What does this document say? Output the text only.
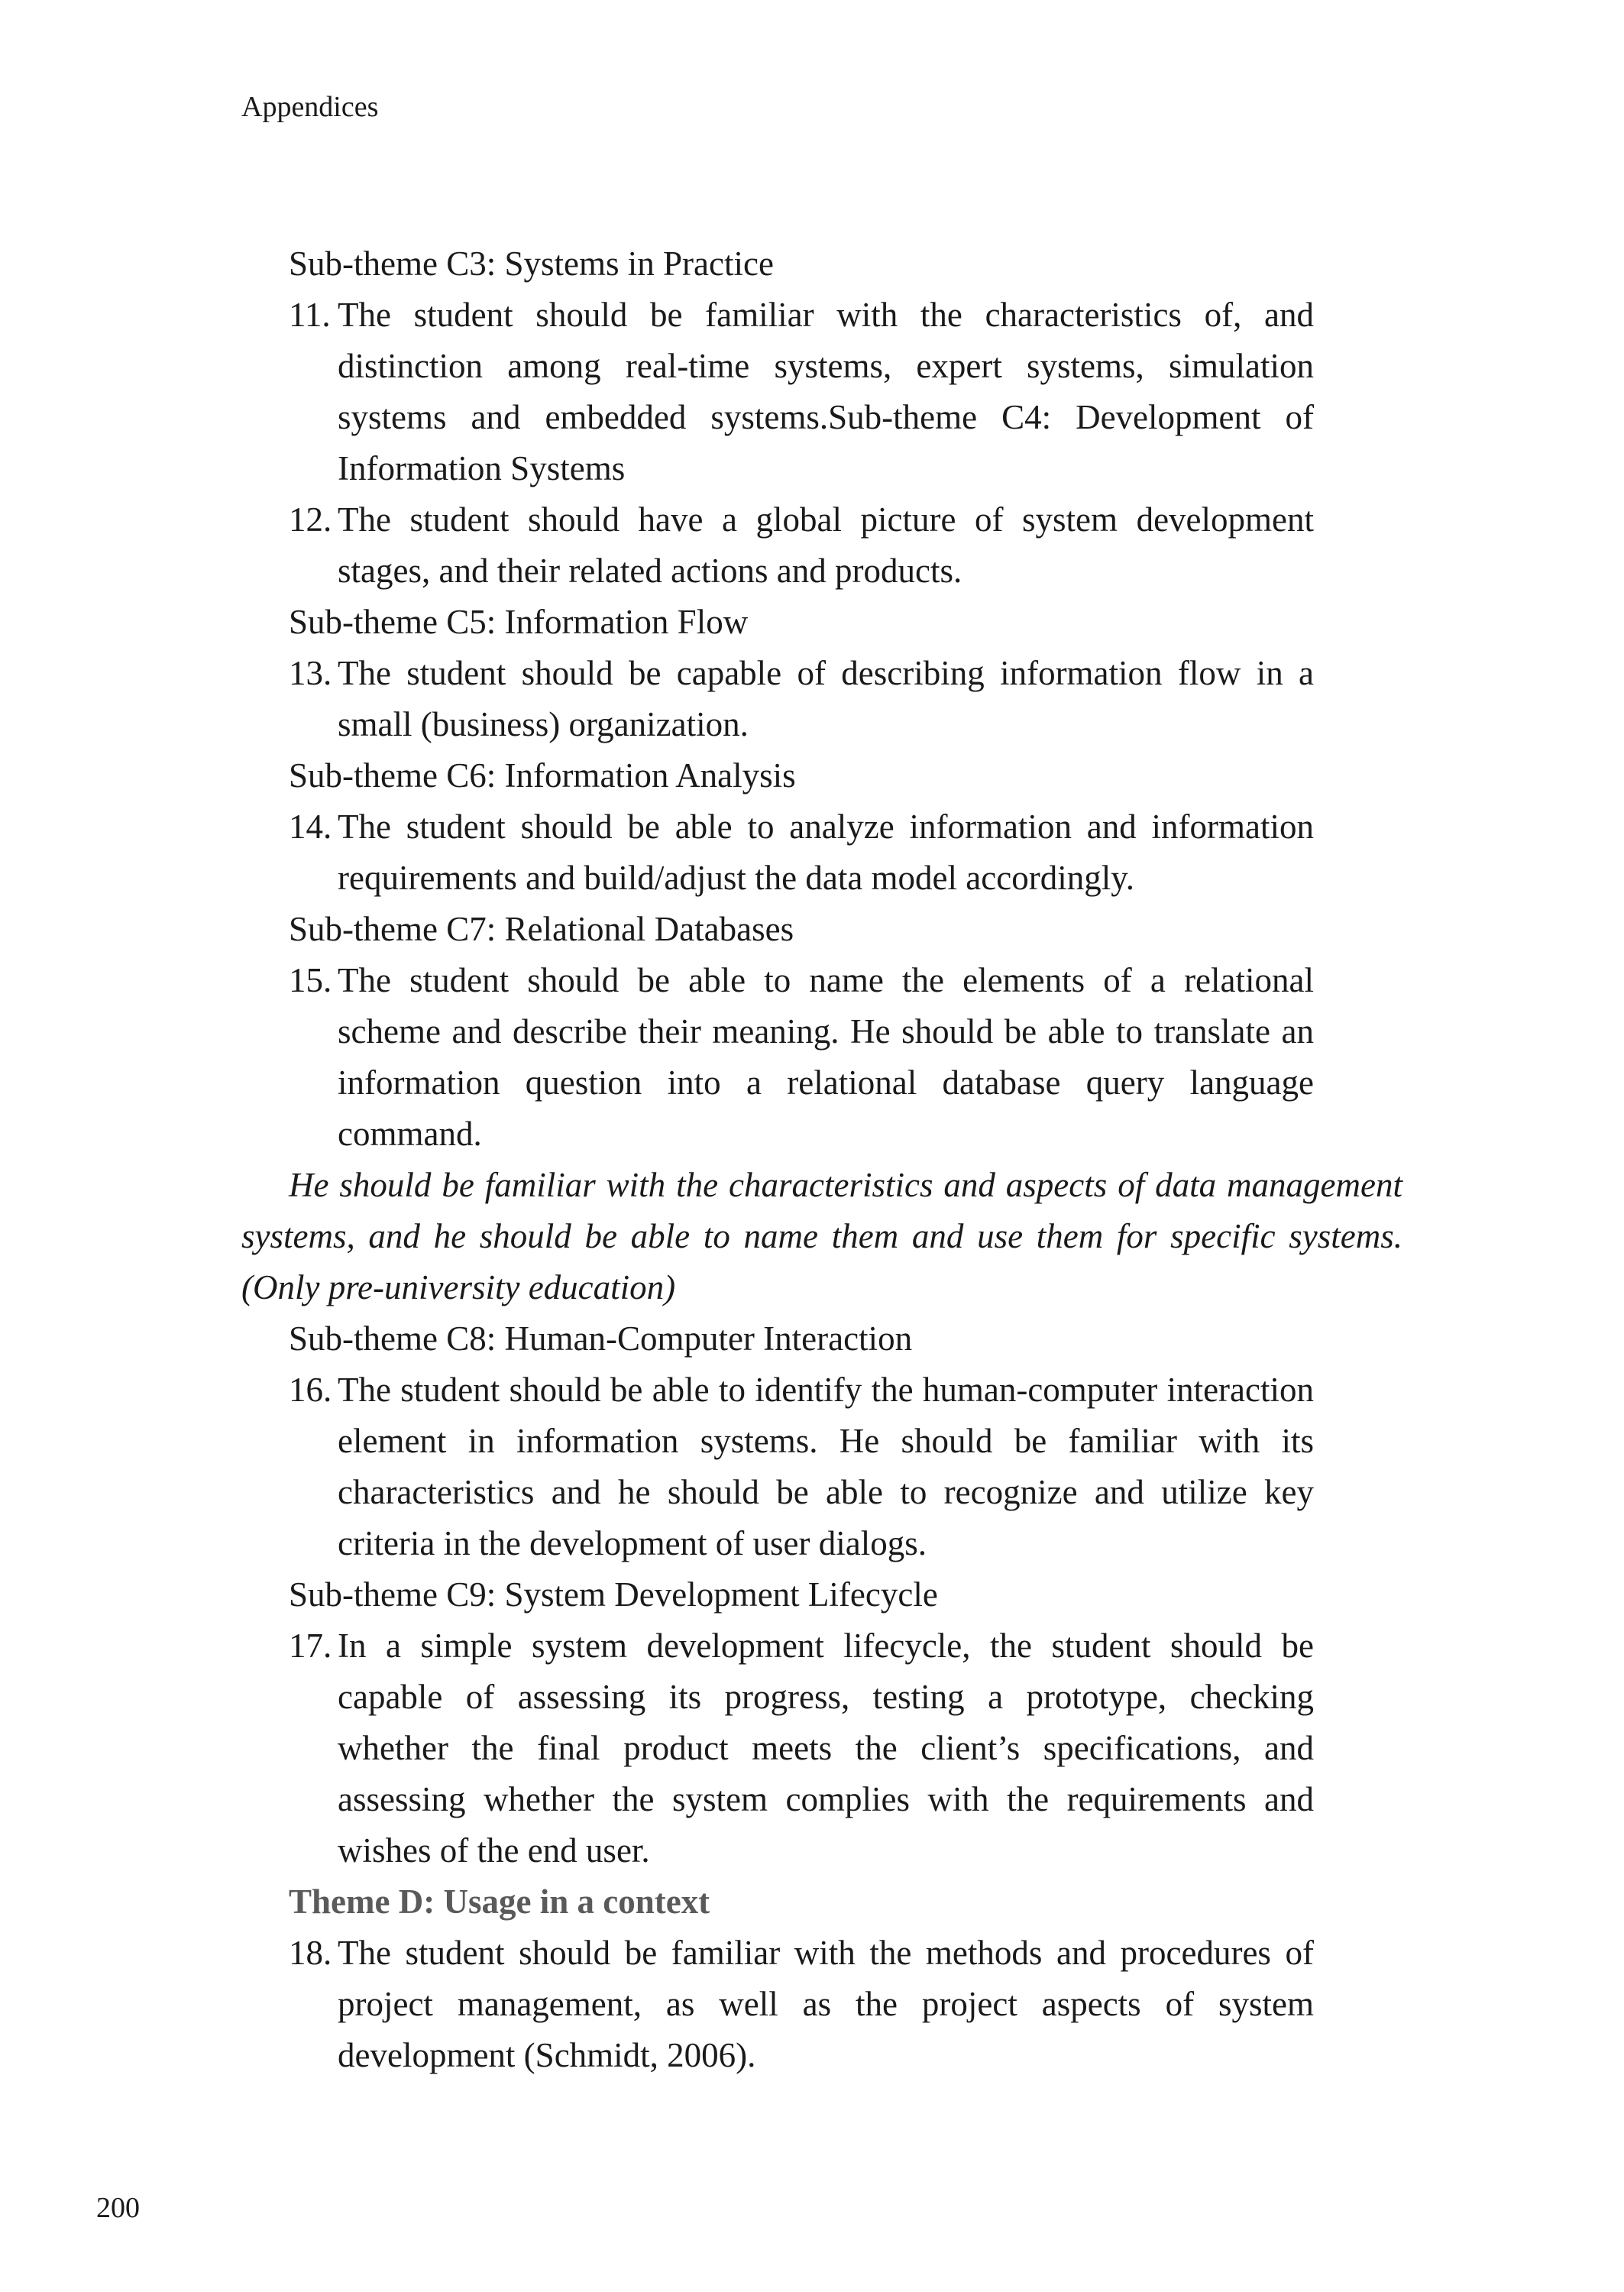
Appendices
Sub-theme C3: Systems in Practice
11. The student should be familiar with the characteristics of, and distinction among real-time systems, expert systems, simulation systems and embedded systems.Sub-theme C4: Development of Information Systems
12. The student should have a global picture of system development stages, and their related actions and products.
Sub-theme C5: Information Flow
13. The student should be capable of describing information flow in a small (business) organization.
Sub-theme C6: Information Analysis
14. The student should be able to analyze information and information requirements and build/adjust the data model accordingly.
Sub-theme C7: Relational Databases
15. The student should be able to name the elements of a relational scheme and describe their meaning. He should be able to translate an information question into a relational database query language command.
He should be familiar with the characteristics and aspects of data management systems, and he should be able to name them and use them for specific systems. (Only pre-university education)
Sub-theme C8: Human-Computer Interaction
16. The student should be able to identify the human-computer interaction element in information systems. He should be familiar with its characteristics and he should be able to recognize and utilize key criteria in the development of user dialogs.
Sub-theme C9: System Development Lifecycle
17. In a simple system development lifecycle, the student should be capable of assessing its progress, testing a prototype, checking whether the final product meets the client’s specifications, and assessing whether the system complies with the requirements and wishes of the end user.
Theme D: Usage in a context
18. The student should be familiar with the methods and procedures of project management, as well as the project aspects of system development (Schmidt, 2006).
200
